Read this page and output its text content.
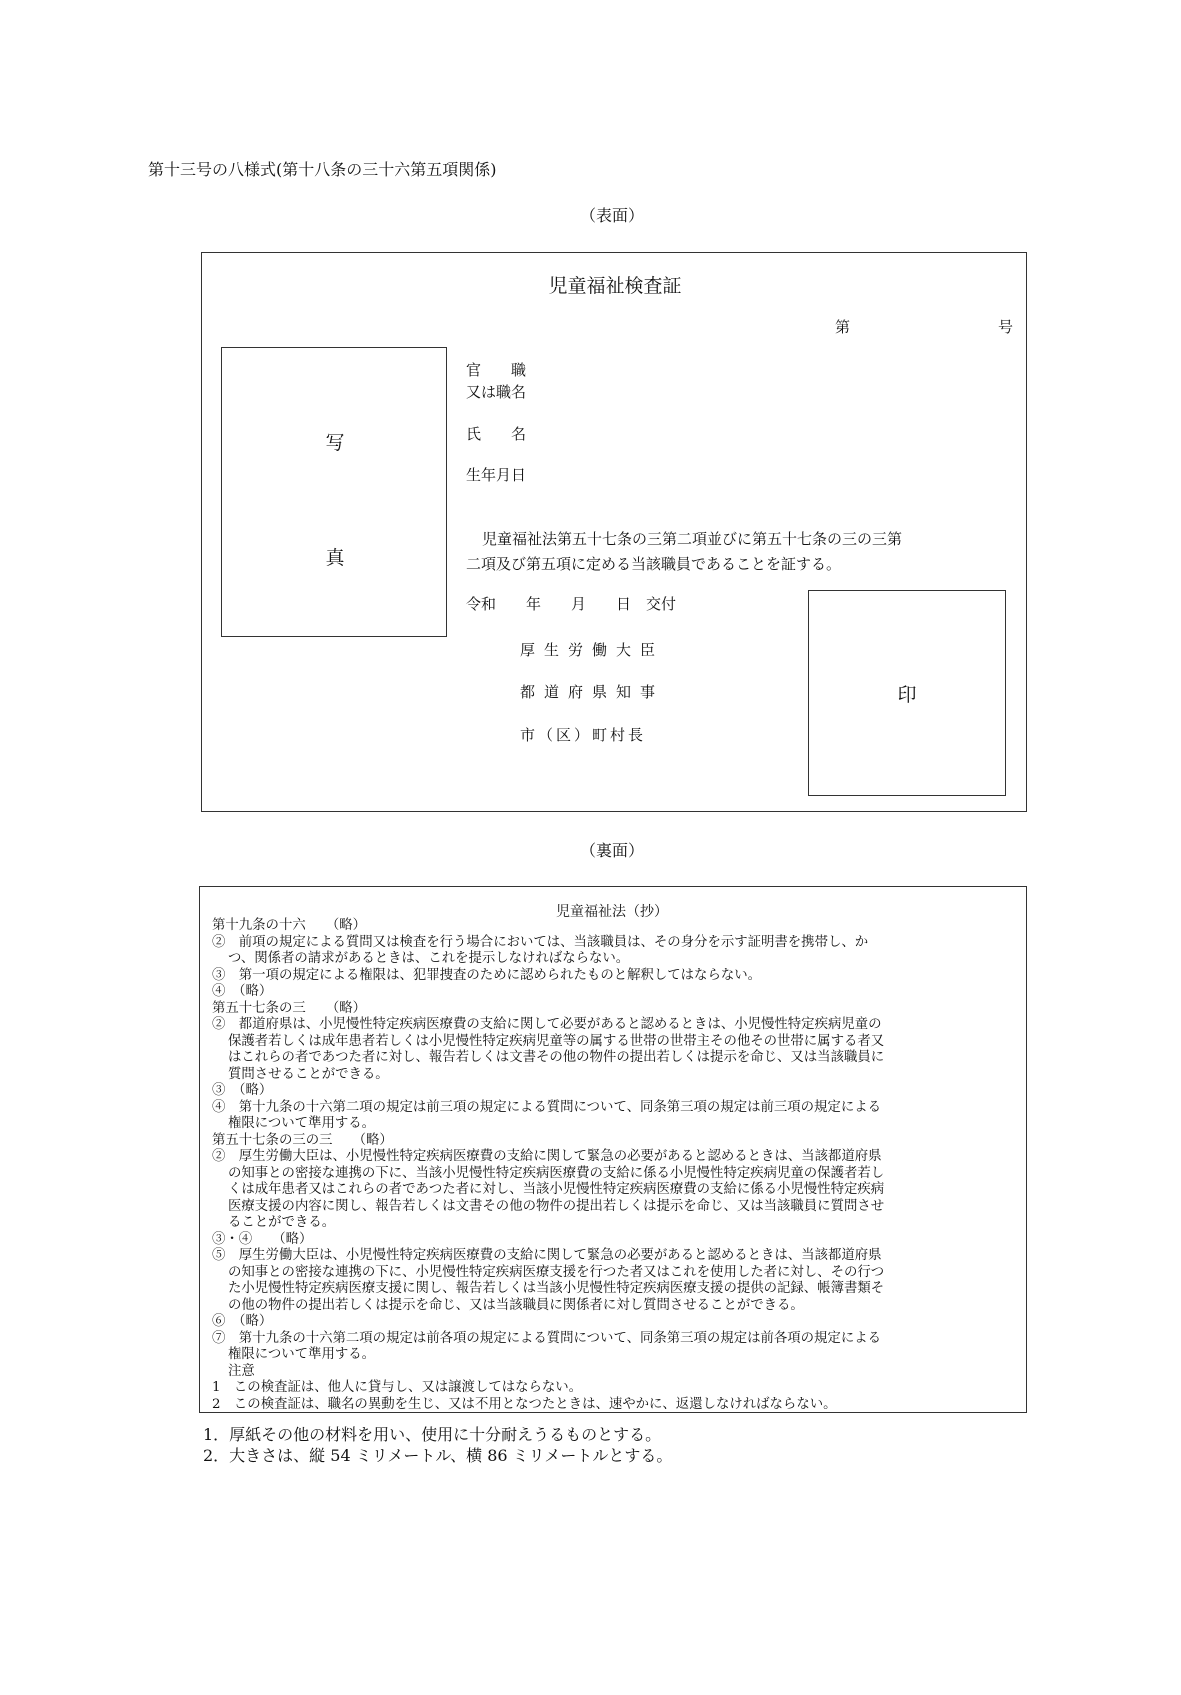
第十三号の八様式(第十八条の三十六第五項関係)
（表面）
児童福祉検査証
第	号
写
真
官　　職
又は職名
氏　　名
生年月日
児童福祉法第五十七条の三第二項並びに第五十七条の三の三第
二項及び第五項に定める当該職員であることを証する。
令和　　年　　月　　日　交付
厚生労働大臣
都道府県知事
市（区）町村長
印
（裏面）
児童福祉法（抄）
第十九条の十六　　（略）
②　前項の規定による質問又は検査を行う場合においては、当該職員は、その身分を示す証明書を携帯し、か
つ、関係者の請求があるときは、これを提示しなければならない。
③　第一項の規定による権限は、犯罪捜査のために認められたものと解釈してはならない。
④　（略）
第五十七条の三　　（略）
②　都道府県は、小児慢性特定疾病医療費の支給に関して必要があると認めるときは、小児慢性特定疾病児童の
保護者若しくは成年患者若しくは小児慢性特定疾病児童等の属する世帯の世帯主その他その世帯に属する者又
はこれらの者であつた者に対し、報告若しくは文書その他の物件の提出若しくは提示を命じ、又は当該職員に
質問させることができる。
③　（略）
④　第十九条の十六第二項の規定は前三項の規定による質問について、同条第三項の規定は前三項の規定による
権限について準用する。
第五十七条の三の三　　（略）
②　厚生労働大臣は、小児慢性特定疾病医療費の支給に関して緊急の必要があると認めるときは、当該都道府県
の知事との密接な連携の下に、当該小児慢性特定疾病医療費の支給に係る小児慢性特定疾病児童の保護者若し
くは成年患者又はこれらの者であつた者に対し、当該小児慢性特定疾病医療費の支給に係る小児慢性特定疾病
医療支援の内容に関し、報告若しくは文書その他の物件の提出若しくは提示を命じ、又は当該職員に質問させ
ることができる。
③・④　　（略）
⑤　厚生労働大臣は、小児慢性特定疾病医療費の支給に関して緊急の必要があると認めるときは、当該都道府県
の知事との密接な連携の下に、小児慢性特定疾病医療支援を行つた者又はこれを使用した者に対し、その行つ
た小児慢性特定疾病医療支援に関し、報告若しくは当該小児慢性特定疾病医療支援の提供の記録、帳簿書類そ
の他の物件の提出若しくは提示を命じ、又は当該職員に関係者に対し質問させることができる。
⑥　（略）
⑦　第十九条の十六第二項の規定は前各項の規定による質問について、同条第三項の規定は前各項の規定による
権限について準用する。
注意
1　この検査証は、他人に貸与し、又は譲渡してはならない。
2　この検査証は、職名の異動を生じ、又は不用となつたときは、速やかに、返還しなければならない。
1．厚紙その他の材料を用い、使用に十分耐えうるものとする。
2．大きさは、縦 54 ミリメートル、横 86 ミリメートルとする。
